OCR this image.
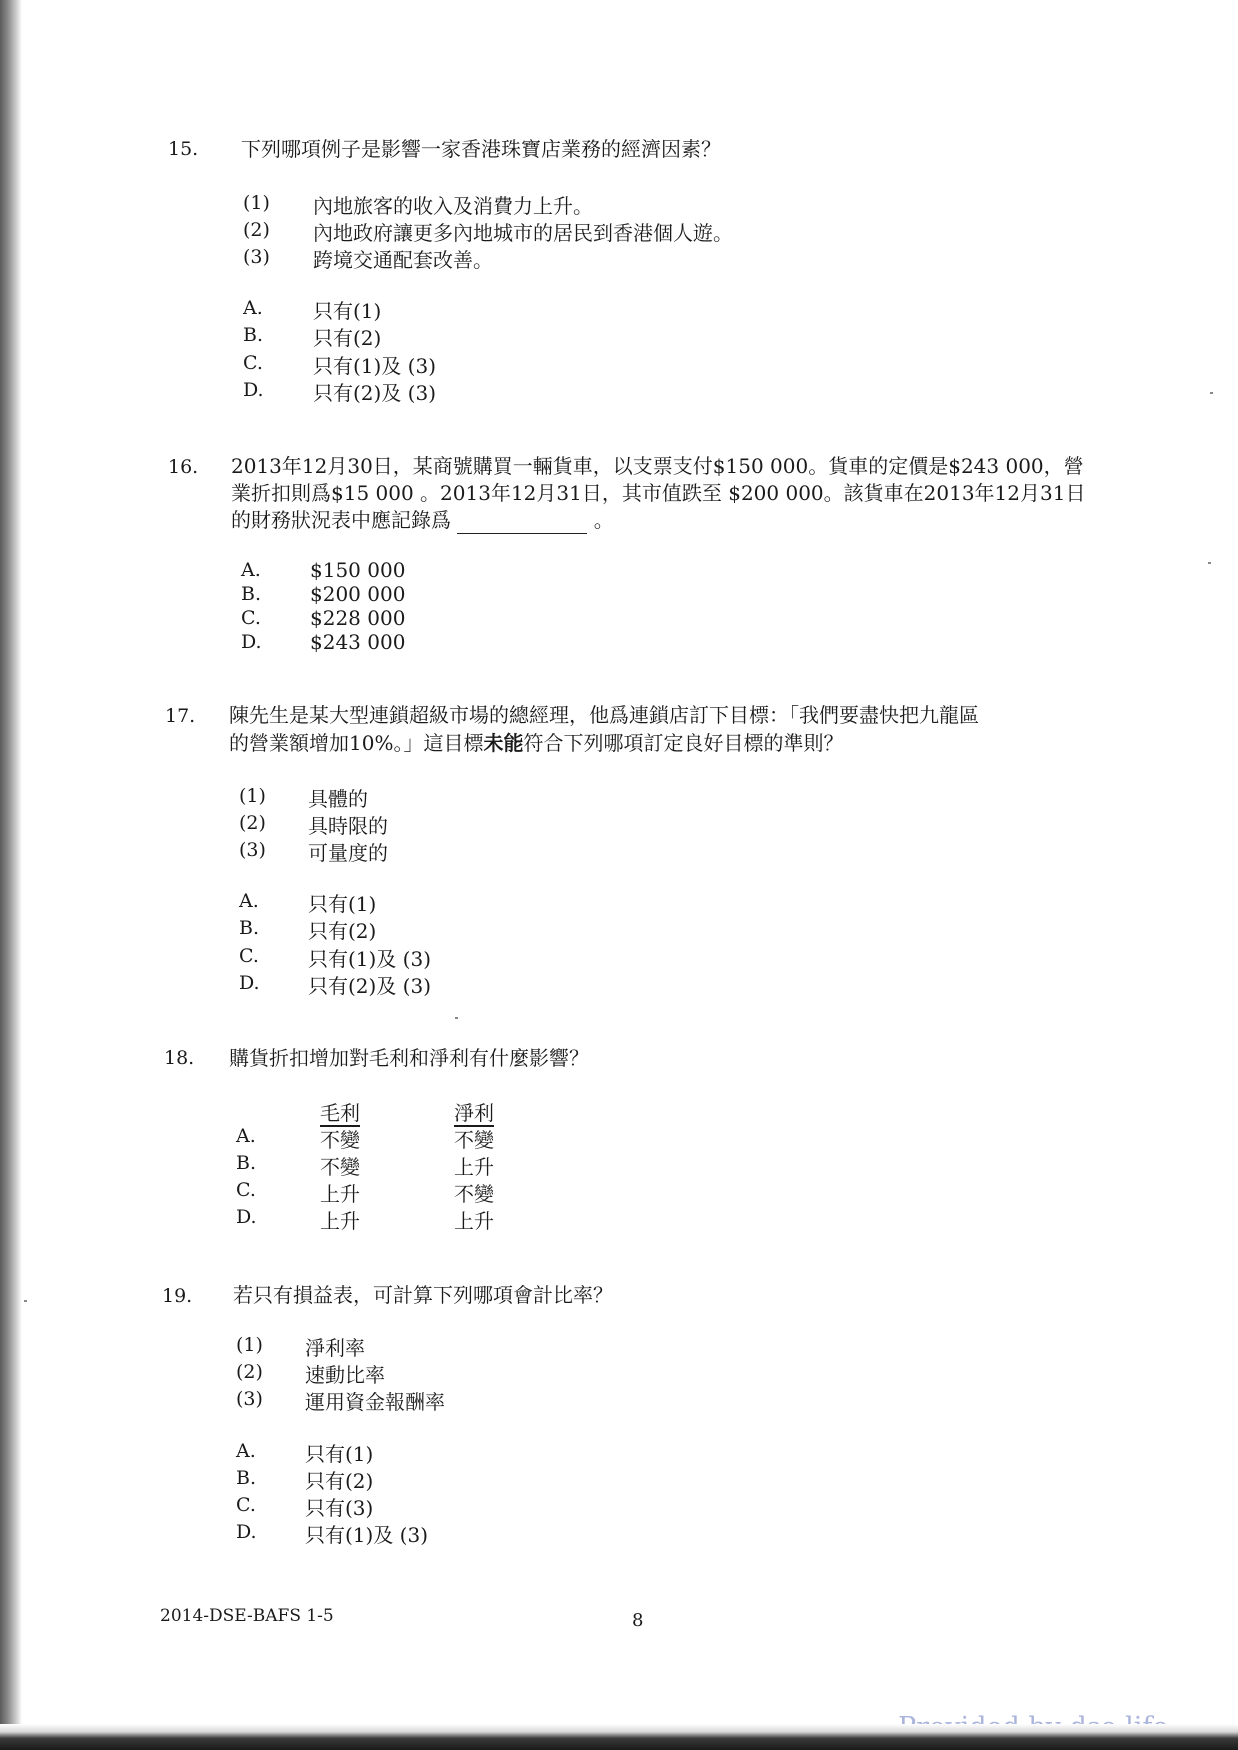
15. 下列哪項例子是影響一家香港珠寶店業務的經濟因素？
(1) 內地旅客的收入及消費力上升。
(2) 內地政府讓更多內地城市的居民到香港個人遊。
(3) 跨境交通配套改善。
A.	只有(1)
B. 只有(2)
C.	只有(1)及 (3)
D. 只有(2)及 (3)
16. 2013年12月30日，某商號購買一輛貨車，以支票支付$150 000。貨車的定價是$243 000，營
業折扣則爲$15 000 。2013年12月31日，其市值跌至 $200 000。該貨車在2013年12月31日
的財務狀況表中應記錄爲	。
A. $150 000
B. $200 000
C. $228 000
D. $243 000
17. 陳先生是某大型連鎖超級市場的總經理，他爲連鎖店訂下目標：「我們要盡快把九龍區
的營業額增加10%。」這目標未能符合下列哪項訂定良好目標的準則？
(1) 具體的
(2) 具時限的
(3) 可量度的
A. 只有(1)
B. 只有(2)
C. 只有(1)及 (3)
D. 只有(2)及 (3)
18. 購貨折扣增加對毛利和淨利有什麼影響？
毛利	淨利
A.	不變	不變
B.	不變	上升
C.	上升	不變
D.	上升	上升
19. 若只有損益表，可計算下列哪項會計比率？
(1) 淨利率
(2) 速動比率
(3) 運用資金報酬率
A. 只有(1)
B. 只有(2)
C. 只有(3)
D. 只有(1)及 (3)
2014-DSE-BAFS 1-5	8
